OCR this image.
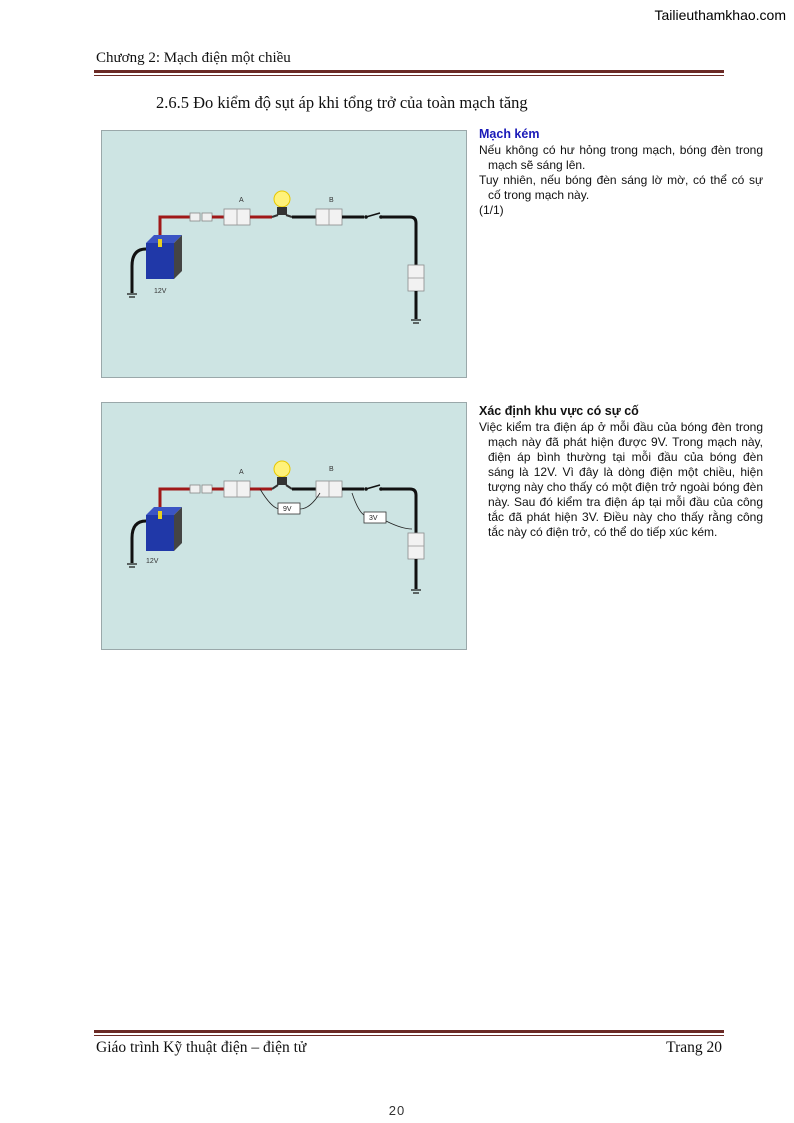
Tailieuthamkhao.com
Chương 2: Mạch điện một chiều
2.6.5 Đo kiểm độ sụt áp khi tổng trở của toàn mạch tăng
12V
A	B
Mạch kém

Nếu không có hư hỏng trong mạch, bóng đèn trong mạch sẽ sáng lên.

Tuy nhiên, nếu bóng đèn sáng lờ mờ, có thể có sự cố trong mạch này.

(1/1)

12V
A	B
9V
3V
Xác định khu vực có sự cố

Việc kiểm tra điện áp ở mỗi đầu của bóng đèn trong mạch này đã phát hiện được 9V. Trong mạch này, điện áp bình thường tại mỗi đầu của bóng đèn sáng là 12V. Vì đây là dòng điện một chiều, hiện tượng này cho thấy có một điện trở ngoài bóng đèn này. Sau đó kiểm tra điện áp tại mỗi đầu của công tắc đã phát hiện 3V. Điều này cho thấy rằng công tắc này có điện trở, có thể do tiếp xúc kém.

Giáo trình Kỹ thuật điện – điện tử	Trang 20
20
